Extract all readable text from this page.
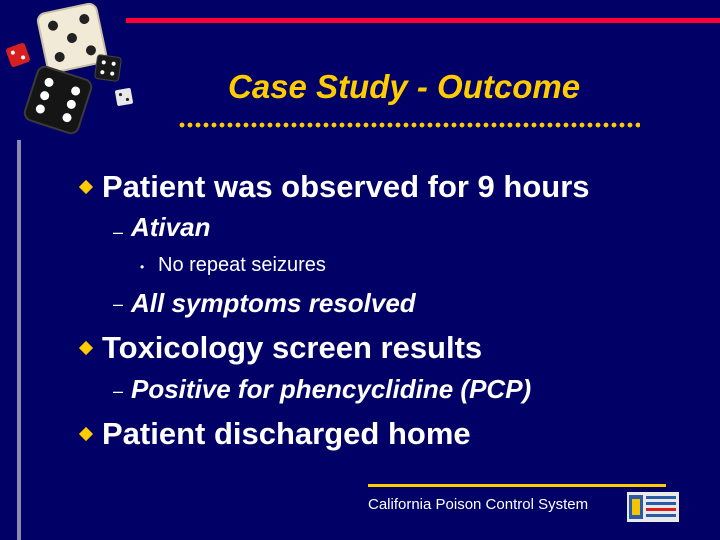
Case Study - Outcome
–
•
–
–
Patient was observed for 9 hours
Ativan
No repeat seizures
All symptoms resolved
Toxicology screen results
Positive for phencyclidine (PCP)
Patient discharged home
California Poison Control System
